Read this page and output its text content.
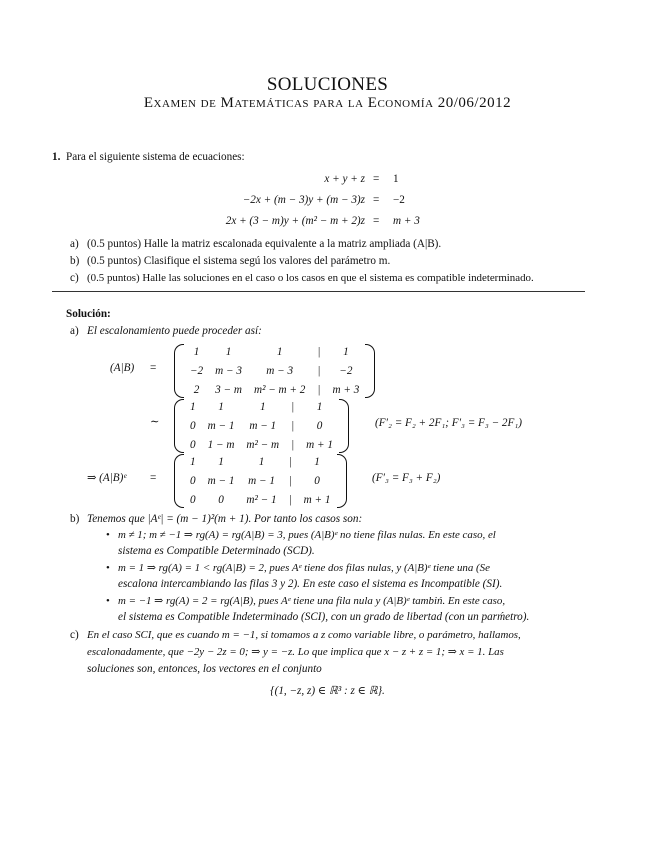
SOLUCIONES
Examen de Matemáticas para la Economía 20/06/2012
1. Para el siguiente sistema de ecuaciones:
x + y + z = 1
−2x + (m − 3)y + (m − 3)z = −2
2x + (3 − m)y + (m² − m + 2)z = m + 3
a) (0.5 puntos) Halle la matriz escalonada equivalente a la matriz ampliada (A|B).
b) (0.5 puntos) Clasifique el sistema segú los valores del parámetro m.
c) (0.5 puntos) Halle las soluciones en el caso o los casos en que el sistema es compatible indeterminado.
Solución:
a) El escalonamiento puede proceder así:
(A|B) =
1	1	1	|	1
−2	m − 3	m − 3	|	−2
2	3 − m	m² − m + 2	|	m + 3
∼
1	1	1	|	1
0	m − 1	m − 1	|	0
0	1 − m	m² − m	|	m + 1
(F′₂ = F₂ + 2F₁; F′₃ = F₃ − 2F₁)
⇒ (A|B)ᵉ =
1	1	1	|	1
0	m − 1	m − 1	|	0
0	0	m² − 1	|	m + 1
(F′₃ = F₃ + F₂)
b) Tenemos que |Aᵉ| = (m − 1)²(m + 1). Por tanto los casos son:
• m ≠ 1; m ≠ −1 ⇒ rg(A) = rg(A|B) = 3, pues (A|B)ᵉ no tiene filas nulas. En este caso, el
sistema es Compatible Determinado (SCD).
• m = 1 ⇒ rg(A) = 1 < rg(A|B) = 2, pues Aᵉ tiene dos filas nulas, y (A|B)ᵉ tiene una (Se
escalona intercambiando las filas 3 y 2). En este caso el sistema es Incompatible (SI).
• m = −1 ⇒ rg(A) = 2 = rg(A|B), pues Aᵉ tiene una fila nula y (A|B)ᵉ tambiń. En este caso,
el sistema es Compatible Indeterminado (SCI), con un grado de libertad (con un parḿetro).
c) En el caso SCI, que es cuando m = −1, si tomamos a z como variable libre, o parámetro, hallamos,
escalonadamente, que −2y − 2z = 0; ⇒ y = −z. Lo que implica que x − z + z = 1; ⇒ x = 1. Las
soluciones son, entonces, los vectores en el conjunto
{(1, −z, z) ∈ ℝ³ : z ∈ ℝ}.
